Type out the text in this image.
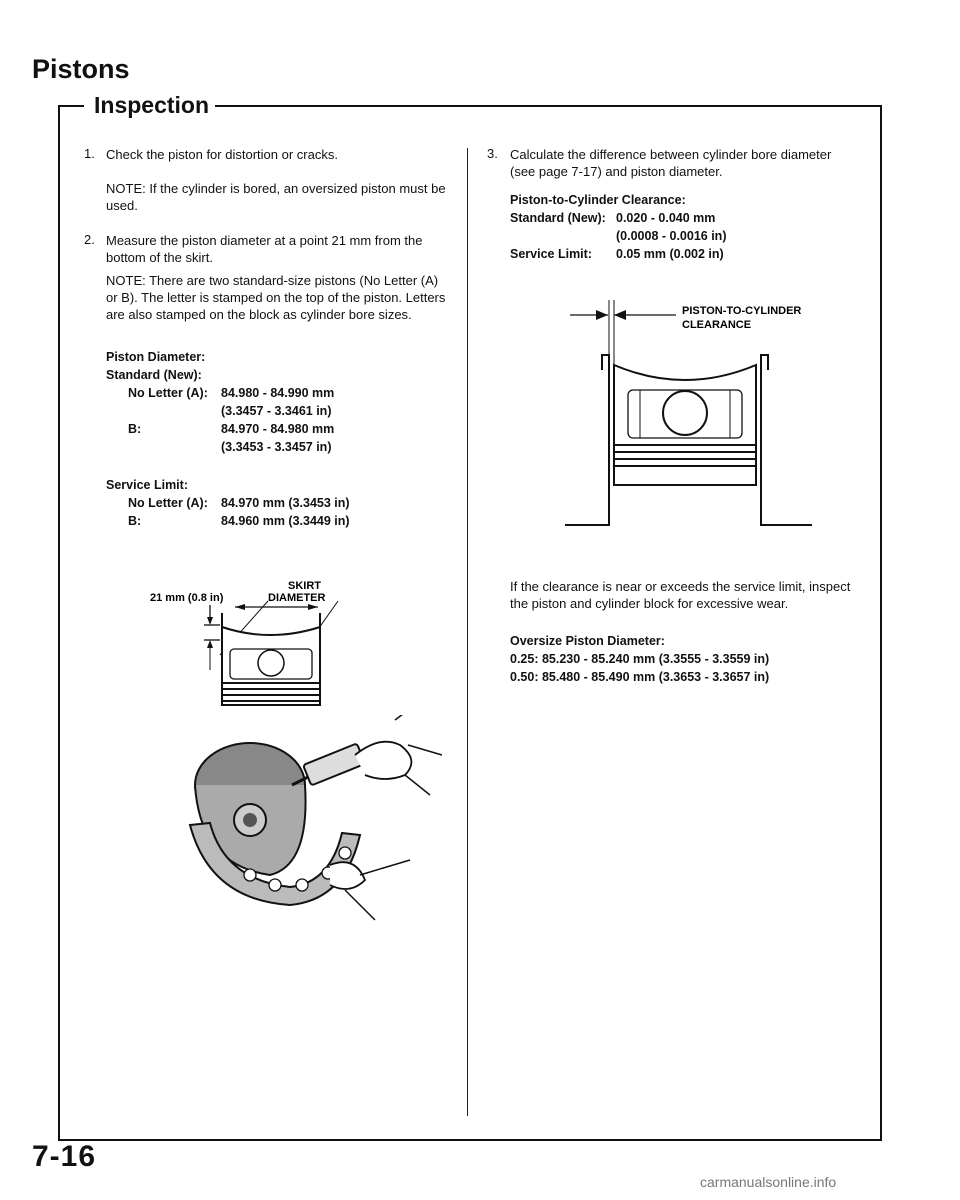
Pistons
Inspection
1. Check the piston for distortion or cracks.

NOTE: If the cylinder is bored, an oversized piston must be used.

2. Measure the piston diameter at a point 21 mm from the bottom of the skirt.

NOTE: There are two standard-size pistons (No Letter (A) or B). The letter is stamped on the top of the piston. Letters are also stamped on the block as cylinder bore sizes.

Piston Diameter:
Standard (New):
No Letter (A): 84.980 - 84.990 mm
(3.3457 - 3.3461 in)
B:	84.970 - 84.980 mm
(3.3453 - 3.3457 in)
Service Limit:
No Letter (A): 84.970 mm (3.3453 in)
B:	84.960 mm (3.3449 in)
21 mm (0.8 in)
SKIRT
DIAMETER
3. Calculate the difference between cylinder bore diameter (see page 7-17) and piston diameter.

Piston-to-Cylinder Clearance:
Standard (New): 0.020 - 0.040 mm
(0.0008 - 0.0016 in)
Service Limit: 0.05 mm (0.002 in)
PISTON-TO-CYLINDER
CLEARANCE

If the clearance is near or exceeds the service limit, inspect the piston and cylinder block for excessive wear.

Oversize Piston Diameter:
0.25: 85.230 - 85.240 mm (3.3555 - 3.3559 in)
0.50: 85.480 - 85.490 mm (3.3653 - 3.3657 in)
7-16
carmanualsonline.info
